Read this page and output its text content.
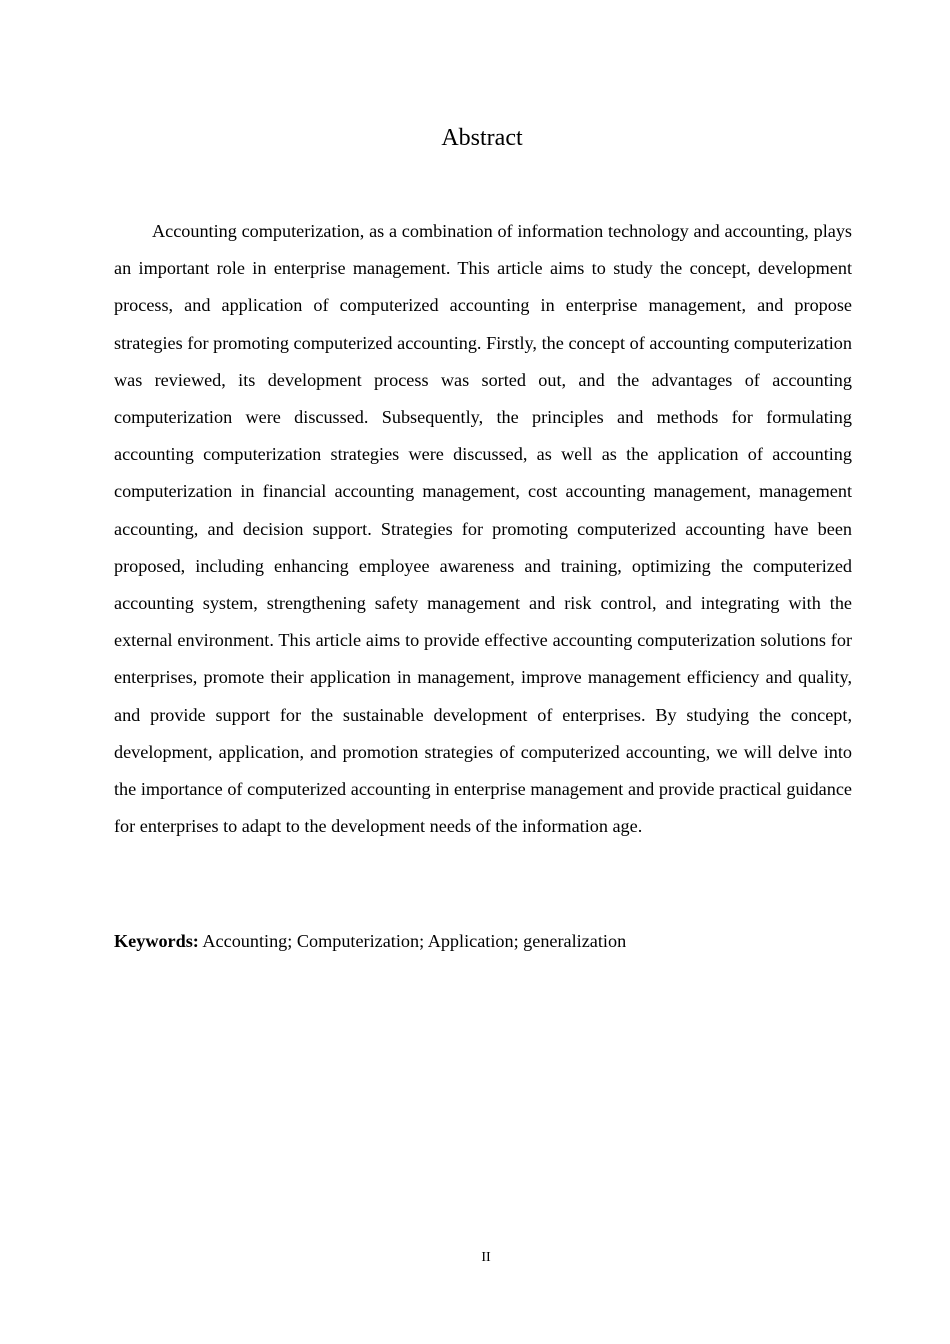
Abstract

Accounting computerization, as a combination of information technology and accounting, plays an important role in enterprise management. This article aims to study the concept, development process, and application of computerized accounting in enterprise management, and propose strategies for promoting computerized accounting. Firstly, the concept of accounting computerization was reviewed, its development process was sorted out, and the advantages of accounting computerization were discussed. Subsequently, the principles and methods for formulating accounting computerization strategies were discussed, as well as the application of accounting computerization in financial accounting management, cost accounting management, management accounting, and decision support. Strategies for promoting computerized accounting have been proposed, including enhancing employee awareness and training, optimizing the computerized accounting system, strengthening safety management and risk control, and integrating with the external environment. This article aims to provide effective accounting computerization solutions for enterprises, promote their application in management, improve management efficiency and quality, and provide support for the sustainable development of enterprises. By studying the concept, development, application, and promotion strategies of computerized accounting, we will delve into the importance of computerized accounting in enterprise management and provide practical guidance for enterprises to adapt to the development needs of the information age.

Keywords: Accounting; Computerization; Application; generalization

II
